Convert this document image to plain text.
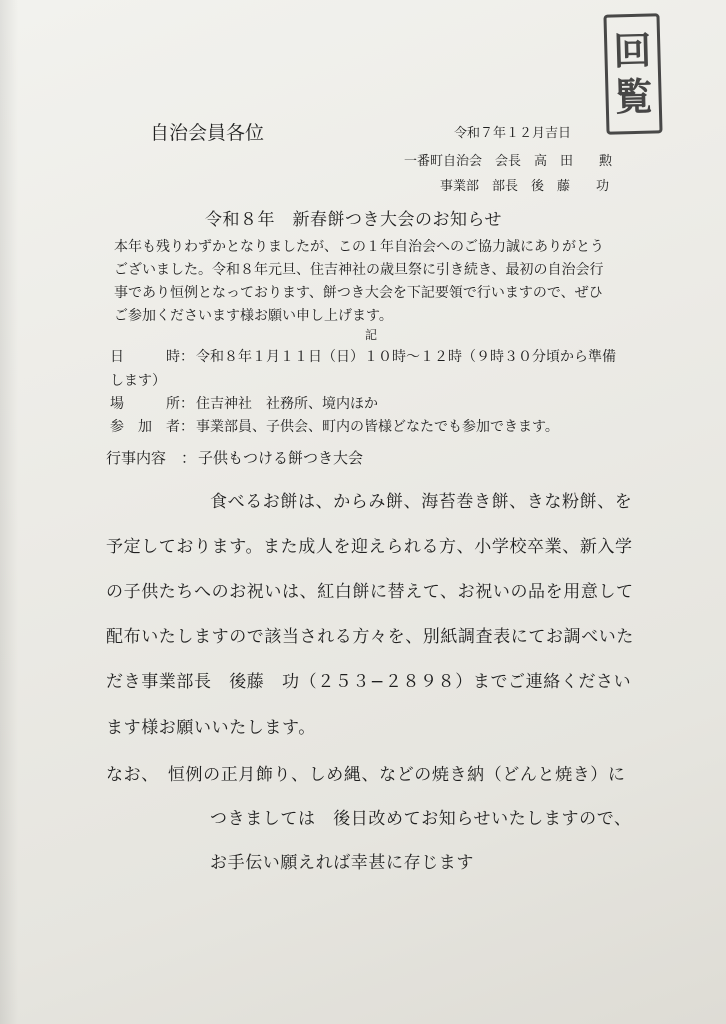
回
覧
自治会員各位	令和７年１２月吉日
一番町自治会　会長　高　田　　勲
事業部　部長　後　藤　　功
令和８年　新春餅つき大会のお知らせ

本年も残りわずかとなりましたが、この１年自治会へのご協力誠にありがとう

ございました。令和８年元旦、住吉神社の歳旦祭に引き続き、最初の自治会行

事であり恒例となっております、餅つき大会を下記要領で行いますので、ぜひ

ご参加くださいます様お願い申し上げます。

記
日　　　時： 令和８年１月１１日（日）１０時〜１２時（９時３０分頃から準備
します）
場　　　所： 住吉神社　社務所、境内ほか
参　加　者： 事業部員、子供会、町内の皆様どなたでも参加できます。
行事内容　： 子供もつける餅つき大会
食べるお餅は、からみ餅、海苔巻き餅、きな粉餅、を
予定しております。また成人を迎えられる方、小学校卒業、新入学
の子供たちへのお祝いは、紅白餅に替えて、お祝いの品を用意して
配布いたしますので該当される方々を、別紙調査表にてお調べいた
だき事業部長　後藤　功（２５３−２８９８）までご連絡ください
ます様お願いいたします。
なお、　恒例の正月飾り、しめ縄、などの焼き納（どんと焼き）に
つきましては　後日改めてお知らせいたしますので、
お手伝い願えれば幸甚に存じます
